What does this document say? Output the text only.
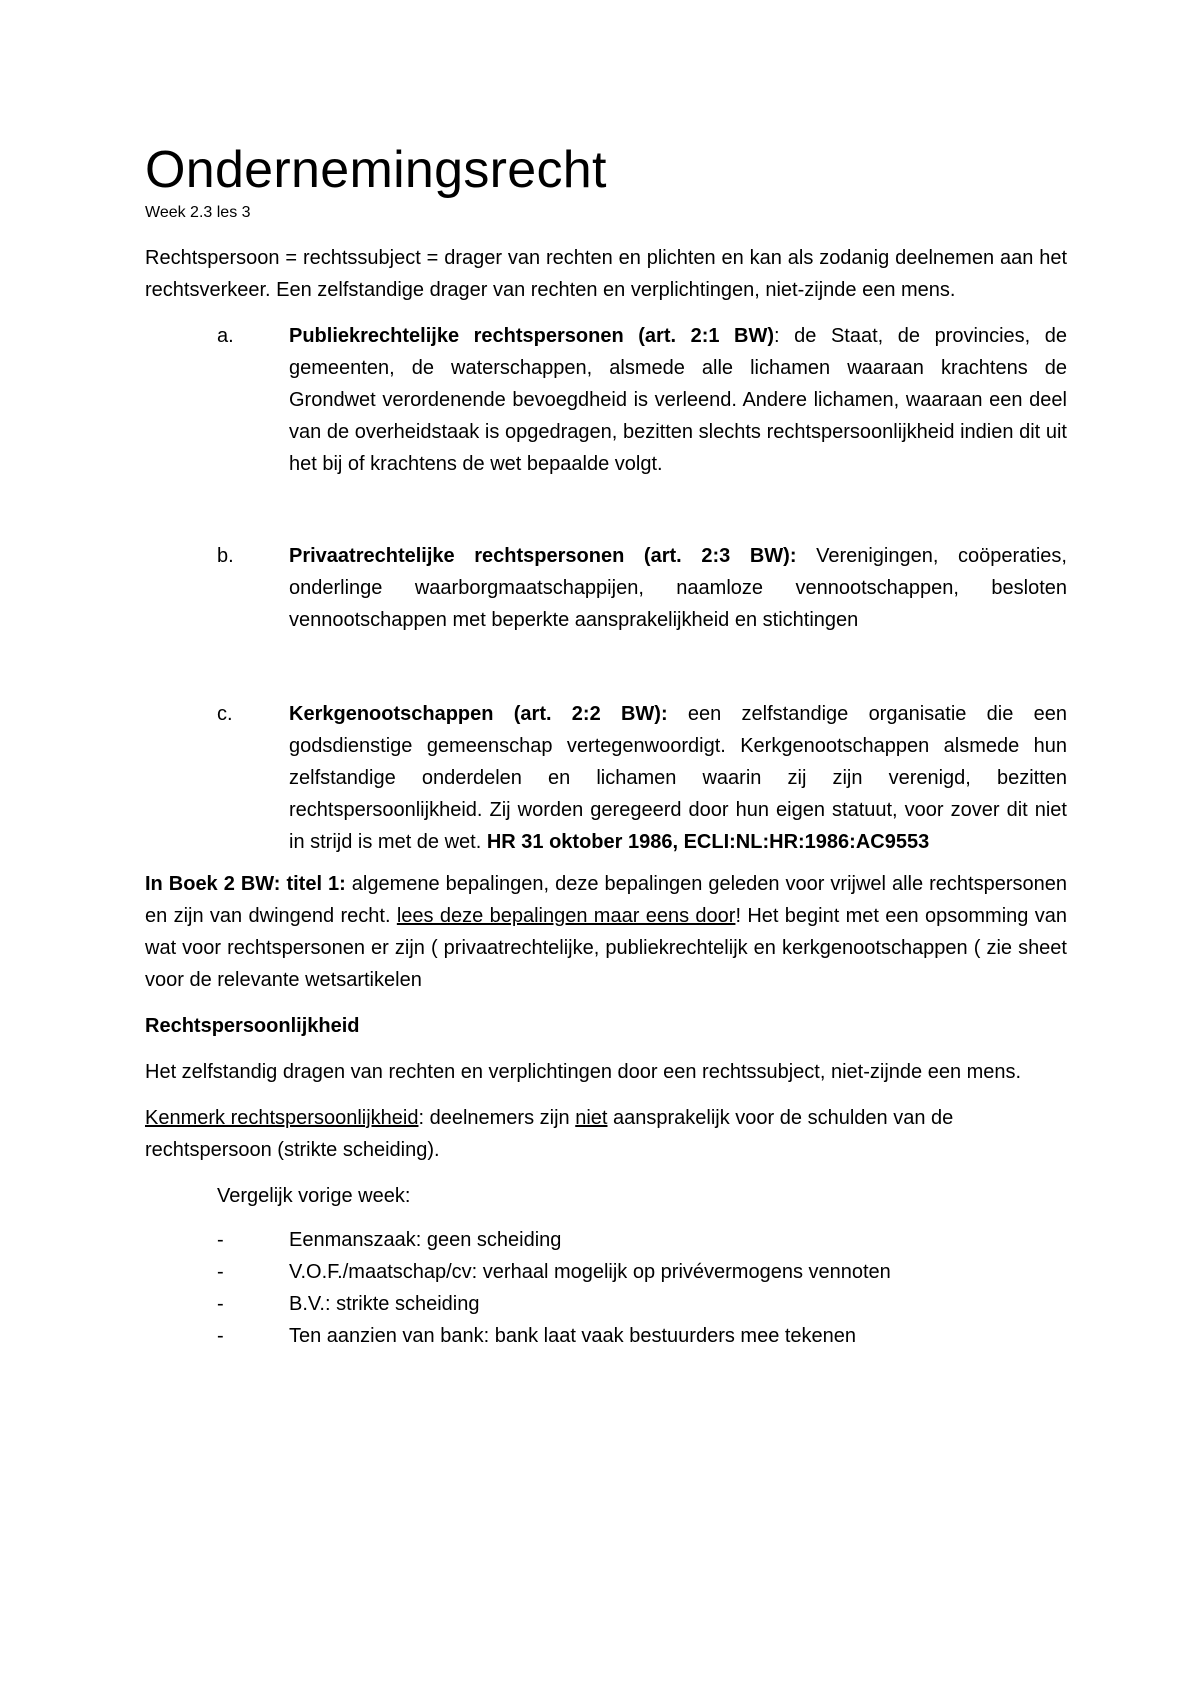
Ondernemingsrecht
Week 2.3 les 3

Rechtspersoon = rechtssubject = drager van rechten en plichten en kan als zodanig deelnemen aan het rechtsverkeer. Een zelfstandige drager van rechten en verplichtingen, niet-zijnde een mens.

a.	Publiekrechtelijke rechtspersonen (art. 2:1 BW): de Staat, de provincies, de gemeenten, de waterschappen, alsmede alle lichamen waaraan krachtens de Grondwet verordenende bevoegdheid is verleend. Andere lichamen, waaraan een deel van de overheidstaak is opgedragen, bezitten slechts rechtspersoonlijkheid indien dit uit het bij of krachtens de wet bepaalde volgt.
b.	Privaatrechtelijke rechtspersonen (art. 2:3 BW): Verenigingen, coöperaties, onderlinge waarborgmaatschappijen, naamloze vennootschappen, besloten vennootschappen met beperkte aansprakelijkheid en stichtingen
c.	Kerkgenootschappen (art. 2:2 BW): een zelfstandige organisatie die een godsdienstige gemeenschap vertegenwoordigt. Kerkgenootschappen alsmede hun zelfstandige onderdelen en lichamen waarin zij zijn verenigd, bezitten rechtspersoonlijkheid. Zij worden geregeerd door hun eigen statuut, voor zover dit niet in strijd is met de wet. HR 31 oktober 1986, ECLI:NL:HR:1986:AC9553

In Boek 2 BW: titel 1: algemene bepalingen, deze bepalingen geleden voor vrijwel alle rechtspersonen en zijn van dwingend recht. lees deze bepalingen maar eens door! Het begint met een opsomming van wat voor rechtspersonen er zijn ( privaatrechtelijke, publiekrechtelijk en kerkgenootschappen ( zie sheet voor de relevante wetsartikelen

Rechtspersoonlijkheid

Het zelfstandig dragen van rechten en verplichtingen door een rechtssubject, niet-zijnde een mens.

Kenmerk rechtspersoonlijkheid: deelnemers zijn niet aansprakelijk voor de schulden van de rechtspersoon (strikte scheiding).

Vergelijk vorige week:
-	Eenmanszaak: geen scheiding
-	V.O.F./maatschap/cv: verhaal mogelijk op privévermogens vennoten
-	B.V.: strikte scheiding
-	Ten aanzien van bank: bank laat vaak bestuurders mee tekenen
